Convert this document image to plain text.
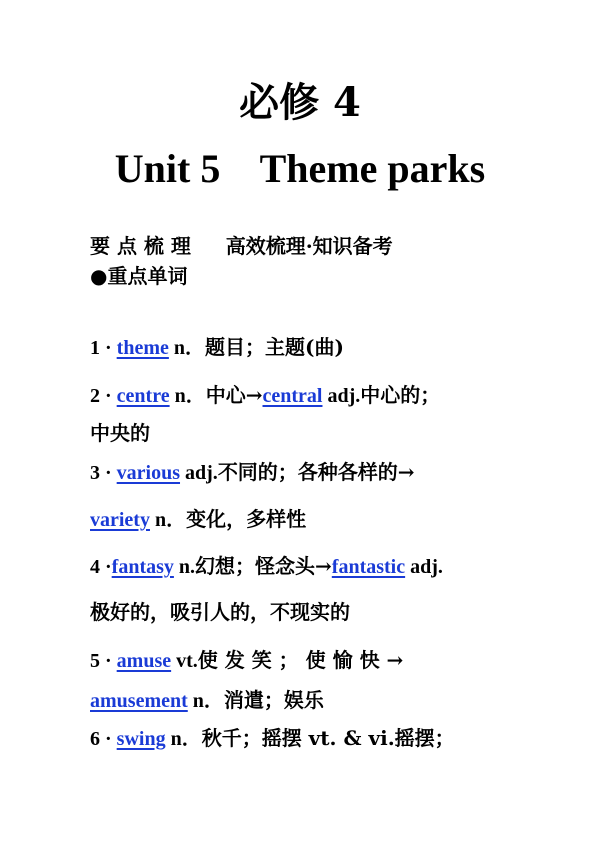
必修 4
Unit 5    Theme parks
要 点 梳 理     高效梳理·知识备考
●重点单词
1 · theme n．题目；主题(曲)
2 · centre n．中心→central adj.中心的；
中央的
3 · various adj.不同的；各种各样的→
variety n．变化，多样性
4 ·fantasy n.幻想；怪念头→fantastic adj.
极好的，吸引人的，不现实的
5 · amuse vt.使 发 笑 ； 使 愉 快 →
amusement n．消遣；娱乐
6 · swing n．秋千；摇摆 vt. & vi.摇摆；
